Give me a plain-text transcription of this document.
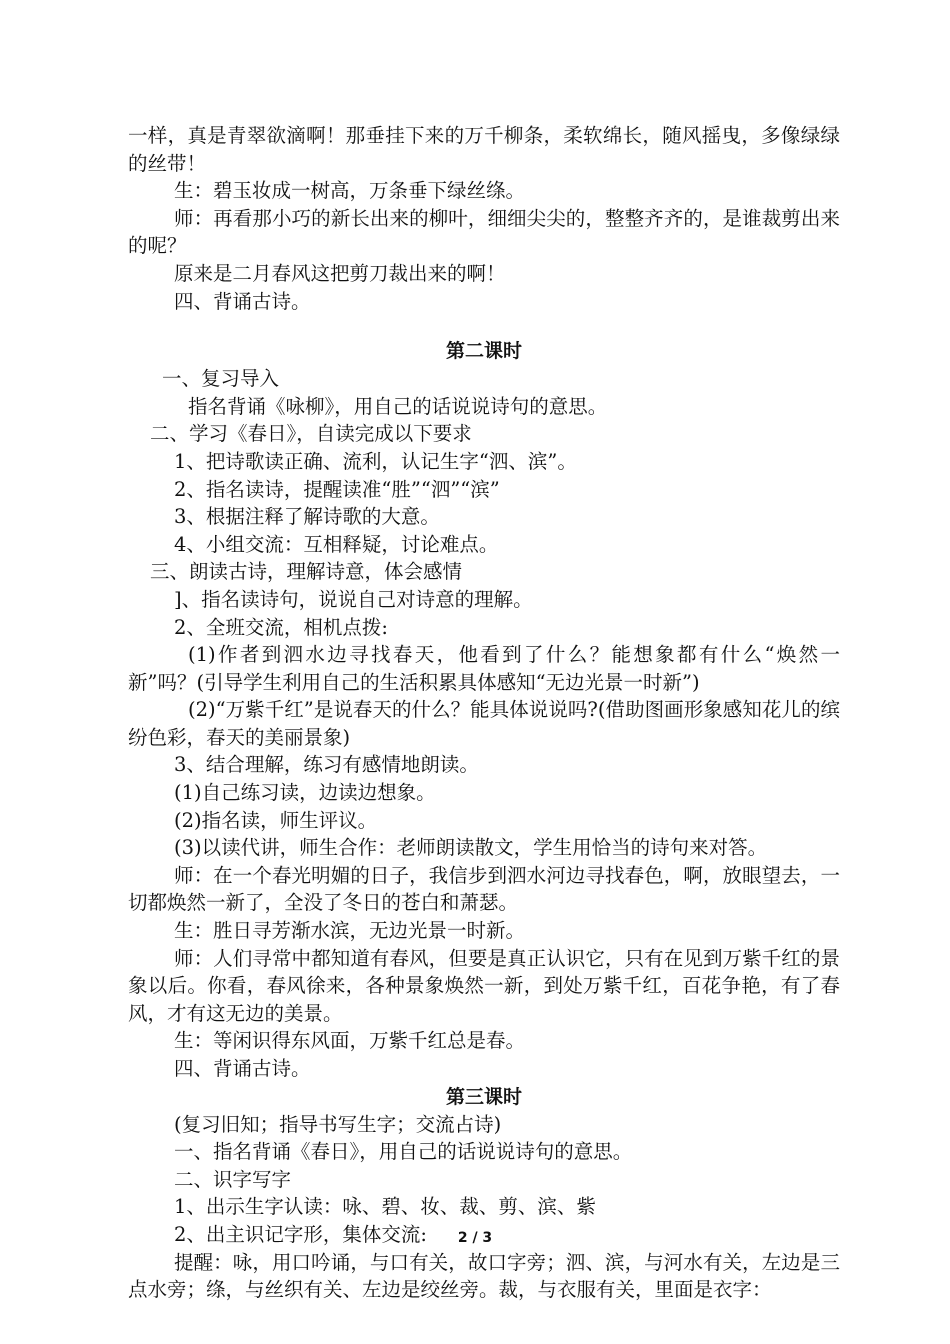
一样，真是青翠欲滴啊！那垂挂下来的万千柳条，柔软绵长，随风摇曳，多像绿绿的丝带！

生：碧玉妆成一树高，万条垂下绿丝绦。

师：再看那小巧的新长出来的柳叶，细细尖尖的，整整齐齐的，是谁裁剪出来的呢？

原来是二月春风这把剪刀裁出来的啊！

四、背诵古诗。

第二课时

一、复习导入

指名背诵《咏柳》，用自己的话说说诗句的意思。

二、学习《春日》，自读完成以下要求

1、把诗歌读正确、流利，认记生字“泗、滨”。

2、指名读诗，提醒读准“胜”“泗”“滨”

3、根据注释了解诗歌的大意。

4、小组交流：互相释疑，讨论难点。

三、朗读古诗，理解诗意，体会感情

]、指名读诗句，说说自己对诗意的理解。

2、全班交流，相机点拨:

(1)作者到泗水边寻找春天，他看到了什么？能想象都有什么“焕然一新”吗？(引导学生利用自己的生活积累具体感知“无边光景一时新”)

(2)“万紫千红”是说春天的什么？能具体说说吗?(借助图画形象感知花儿的缤纷色彩，春天的美丽景象)

3、结合理解，练习有感情地朗读。

(1)自己练习读，边读边想象。

(2)指名读，师生评议。

(3)以读代讲，师生合作：老师朗读散文，学生用恰当的诗句来对答。

师：在一个春光明媚的日子，我信步到泗水河边寻找春色，啊，放眼望去，一切都焕然一新了，全没了冬日的苍白和萧瑟。

生：胜日寻芳渐水滨，无边光景一时新。

师：人们寻常中都知道有春风，但要是真正认识它，只有在见到万紫千红的景象以后。你看，春风徐来，各种景象焕然一新，到处万紫千红，百花争艳，有了春风，才有这无边的美景。

生：等闲识得东风面，万紫千红总是春。

四、背诵古诗。

第三课时

(复习旧知；指导书写生字；交流占诗)

一、指名背诵《春日》，用自己的话说说诗句的意思。

二、识字写字

1、出示生字认读：咏、碧、妆、裁、剪、滨、紫

2、出主识记字形，集体交流:

提醒：咏，用口吟诵，与口有关，故口字旁；泗、滨，与河水有关，左边是三点水旁；绦，与丝织有关、左边是绞丝旁。裁，与衣服有关，里面是衣字：

2 / 3
